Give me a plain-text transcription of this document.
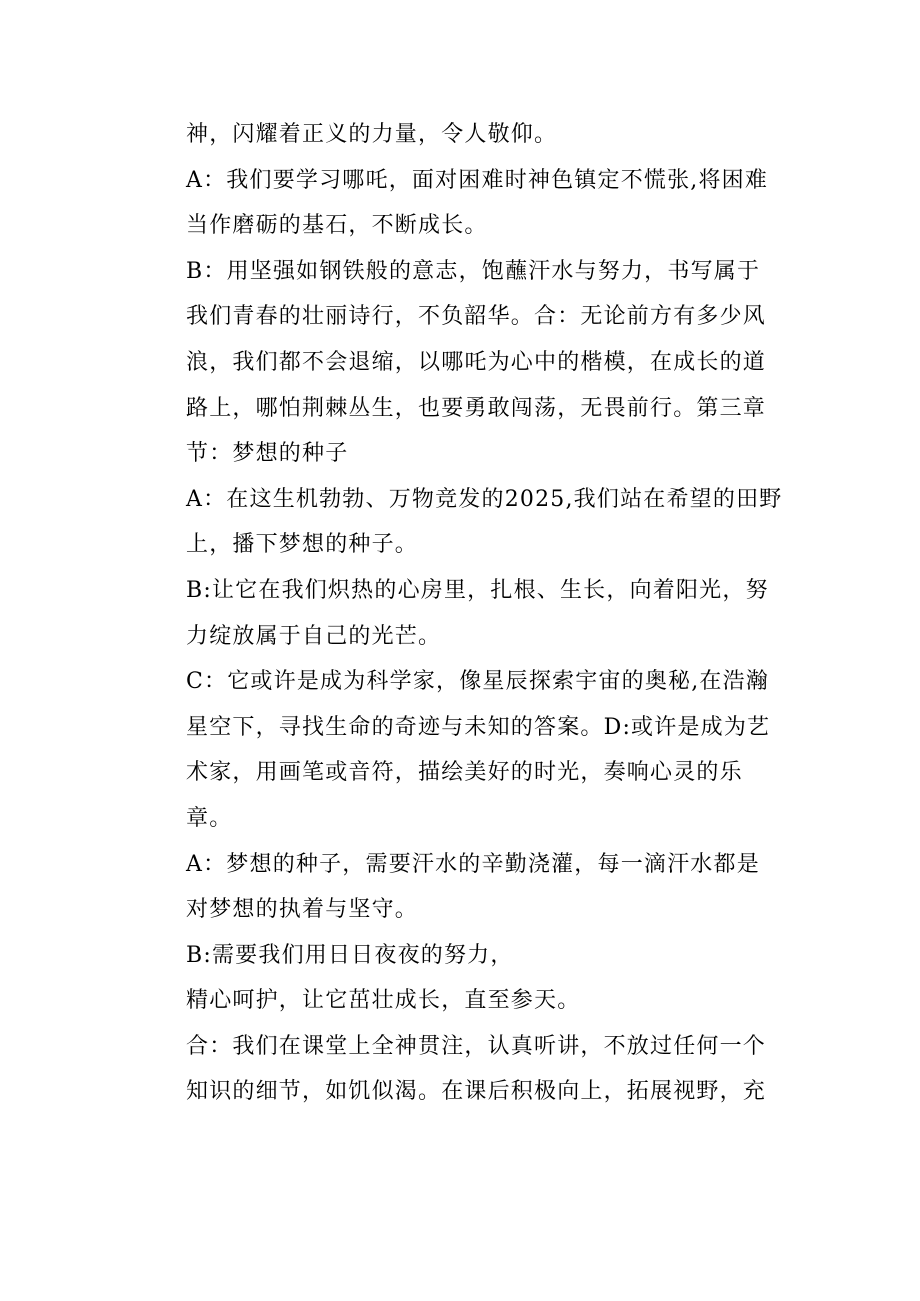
神，闪耀着正义的力量，令人敬仰。
A：我们要学习哪吒，面对困难时神色镇定不慌张,将困难
当作磨砺的基石，不断成长。
B：用坚强如钢铁般的意志，饱蘸汗水与努力，书写属于
我们青春的壮丽诗行，不负韶华。合：无论前方有多少风
浪，我们都不会退缩，以哪吒为心中的楷模，在成长的道
路上，哪怕荆棘丛生，也要勇敢闯荡，无畏前行。第三章
节：梦想的种子
A：在这生机勃勃、万物竞发的2025,我们站在希望的田野
上，播下梦想的种子。
B:让它在我们炽热的心房里，扎根、生长，向着阳光，努
力绽放属于自己的光芒。
C：它或许是成为科学家，像星辰探索宇宙的奥秘,在浩瀚
星空下，寻找生命的奇迹与未知的答案。D:或许是成为艺
术家，用画笔或音符，描绘美好的时光，奏响心灵的乐
章。
A：梦想的种子，需要汗水的辛勤浇灌，每一滴汗水都是
对梦想的执着与坚守。
B:需要我们用日日夜夜的努力，
精心呵护，让它茁壮成长，直至参天。
合：我们在课堂上全神贯注，认真听讲，不放过任何一个
知识的细节，如饥似渴。在课后积极向上，拓展视野，充
